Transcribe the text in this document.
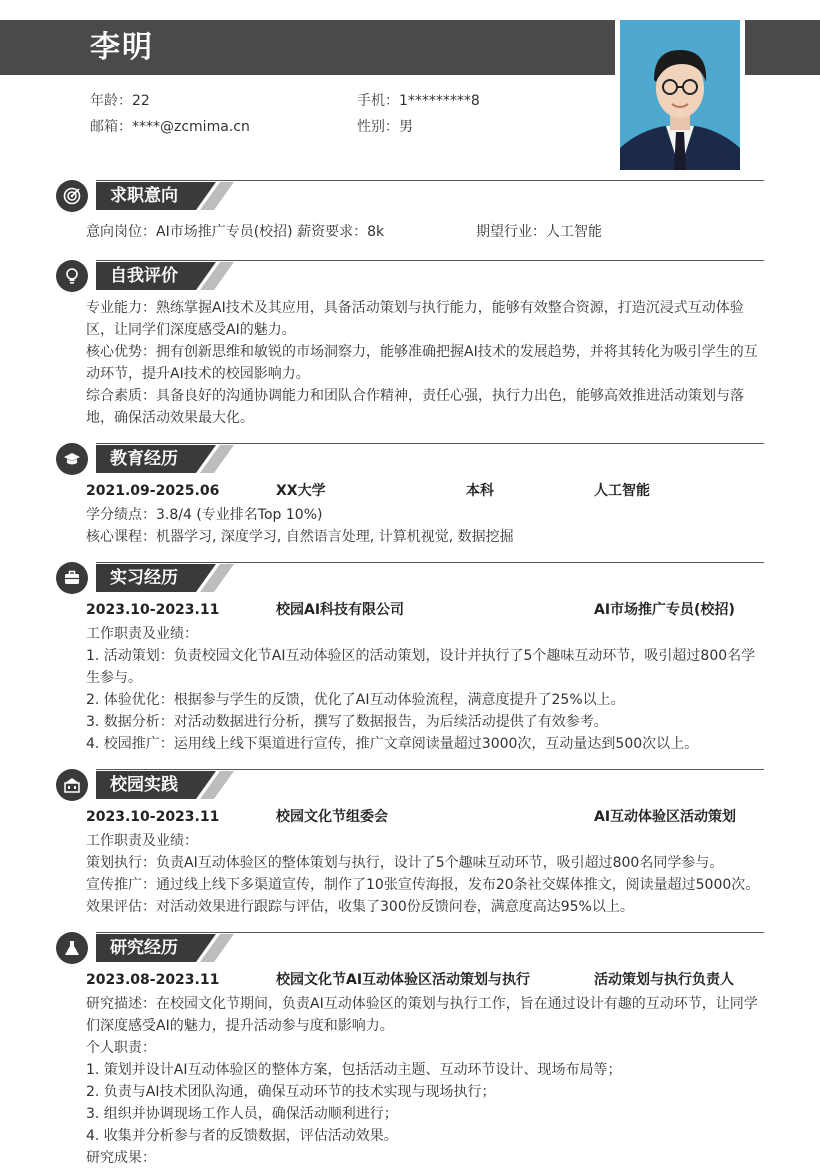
李明
年龄：22	手机：1*********8
邮箱：****@zcmima.cn	性别：男
求职意向
意向岗位：AI市场推广专员(校招) 薪资要求：8k	期望行业：人工智能
自我评价
专业能力：熟练掌握AI技术及其应用，具备活动策划与执行能力，能够有效整合资源，打造沉浸式互动体验
区，让同学们深度感受AI的魅力。
核心优势：拥有创新思维和敏锐的市场洞察力，能够准确把握AI技术的发展趋势，并将其转化为吸引学生的互
动环节，提升AI技术的校园影响力。
综合素质：具备良好的沟通协调能力和团队合作精神，责任心强，执行力出色，能够高效推进活动策划与落
地，确保活动效果最大化。
教育经历
2021.09-2025.06	XX大学	本科	人工智能
学分绩点：3.8/4 (专业排名Top 10%)
核心课程：机器学习, 深度学习, 自然语言处理, 计算机视觉, 数据挖掘
实习经历
2023.10-2023.11	校园AI科技有限公司	AI市场推广专员(校招)
工作职责及业绩：
1. 活动策划：负责校园文化节AI互动体验区的活动策划，设计并执行了5个趣味互动环节，吸引超过800名学
生参与。
2. 体验优化：根据参与学生的反馈，优化了AI互动体验流程，满意度提升了25%以上。
3. 数据分析：对活动数据进行分析，撰写了数据报告，为后续活动提供了有效参考。
4. 校园推广：运用线上线下渠道进行宣传，推广文章阅读量超过3000次，互动量达到500次以上。
校园实践
2023.10-2023.11	校园文化节组委会	AI互动体验区活动策划
工作职责及业绩：
策划执行：负责AI互动体验区的整体策划与执行，设计了5个趣味互动环节，吸引超过800名同学参与。
宣传推广：通过线上线下多渠道宣传，制作了10张宣传海报，发布20条社交媒体推文，阅读量超过5000次。
效果评估：对活动效果进行跟踪与评估，收集了300份反馈问卷，满意度高达95%以上。
研究经历
2023.08-2023.11	校园文化节AI互动体验区活动策划与执行	活动策划与执行负责人
研究描述：在校园文化节期间，负责AI互动体验区的策划与执行工作，旨在通过设计有趣的互动环节，让同学
们深度感受AI的魅力，提升活动参与度和影响力。
个人职责：
1. 策划并设计AI互动体验区的整体方案，包括活动主题、互动环节设计、现场布局等；
2. 负责与AI技术团队沟通，确保互动环节的技术实现与现场执行；
3. 组织并协调现场工作人员，确保活动顺利进行；
4. 收集并分析参与者的反馈数据，评估活动效果。
研究成果：
